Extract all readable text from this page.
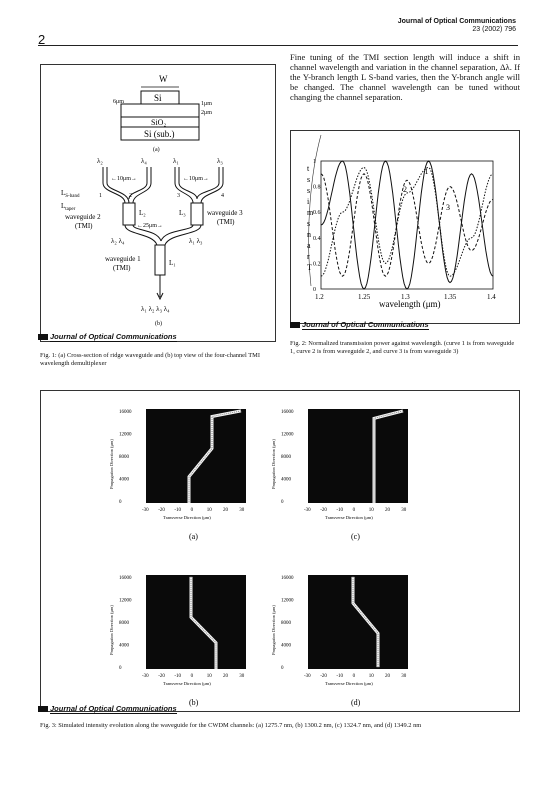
Journal of Optical Communications
23 (2002) 796
2
W
Si
SiO₂
Si (sub.)
6μm	1μm
2μm
(a)
λ₂	λ₄	λ₁	λ₃
←10μm→	←10μm→
$L_{S-band}$
$L_{taper}$
2	3
1	4
L₂	L₃
waveguide 2
(TMI)
waveguide 3
(TMI)
←25μm→
λ₂ λ₄	λ₁ λ₃
waveguide 1
(TMI)
L₁
λ₁ λ₂ λ₃ λ₄
(b)
Journal of Optical Communications
Fig. 1: (a) Cross-section of ridge waveguide and (b) top view of the four-channel TMI wavelength demultiplexer
Fine tuning of the TMI section length will induce a shift in channel wavelength and variation in the channel separation, Δλ. If the Y-branch length L S-band varies, then the Y-branch angle will be changed. The channel wavelength can be tuned without changing the channel separation.
t
s
s
i
m
s
n
a
r
T
1.2	1.25	1.3	1.35	1.4
0
0.2
0.4
0.6
0.8
1
1
2
3
wavelength (μm)
Journal of Optical Communications
Fig. 2: Normalized transmission power against wavelength. (curve 1 is from waveguide 1, curve 2 is from waveguide 2, and curve 3 is from waveguide 3)
16000
12000
8000
4000
0
-30 -20 -10 0	10 20 30
Transverse Direction (μm)
Propagation Direction (μm)
(a)
16000
12000
8000
4000
0
-30 -20 -10 0	10 20 30
Transverse Direction (μm)
Propagation Direction (μm)
(c)
16000
12000
8000
4000
0
-30 -20 -10 0	10 20 30
Transverse Direction (μm)
Propagation Direction (μm)
(b)
16000
12000
8000
4000
0
-30 -20 -10 0	10 20 30
Transverse Direction (μm)
Propagation Direction (μm)
(d)
Journal of Optical Communications
Fig. 3: Simulated intensity evolution along the waveguide for the CWDM channels: (a) 1275.7 nm, (b) 1300.2 nm, (c) 1324.7 nm, and (d) 1349.2 nm
